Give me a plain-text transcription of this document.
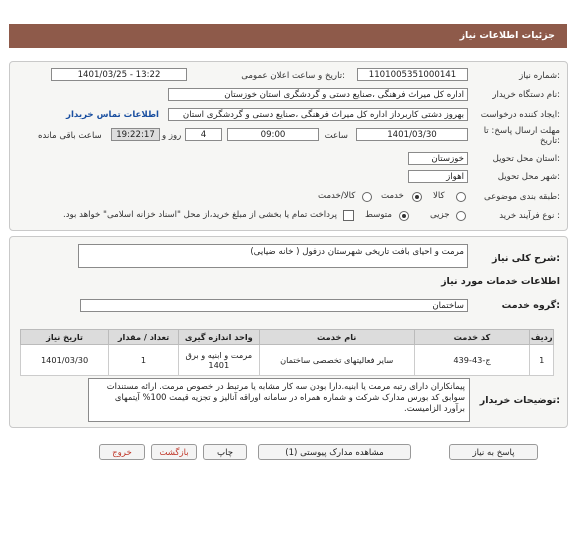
جزئیات اطلاعات نیاز
شماره نیاز:
1101005351000141
تاریخ و ساعت اعلان عمومی:
1401/03/25 - 13:22
نام دستگاه خریدار:
اداره کل میراث فرهنگی ،صنایع دستی و گردشگری استان خوزستان
ایجاد کننده درخواست:
بهروز دشتی کاربرداز اداره کل میراث فرهنگی ،صنایع دستی و گردشگری استان
اطلاعات تماس خریدار
مهلت ارسال پاسخ: تا تاریخ:
1401/03/30
ساعت
09:00
4
روز و
19:22:17
ساعت باقی مانده
استان محل تحویل:
خوزستان
شهر محل تحویل:
اهواز
طبقه بندی موضوعی:
کالا
خدمت
کالا/خدمت
نوع فرآیند خرید :
جزیی
متوسط
پرداخت تمام یا بخشی از مبلغ خرید،از محل "اسناد خزانه اسلامی" خواهد بود.
شرح کلی نیاز:
مرمت و احیای بافت تاریخی شهرستان دزفول ( خانه ضیایی)
اطلاعات خدمات مورد نیاز
گروه خدمت:
ساختمان
تاریخ نیاز	تعداد / مقدار	واحد اندازه گیری	نام خدمت	کد خدمت	ردیف
1401/03/30	1	مرمت و ابنیه و برق 1401	سایر فعالیتهای تخصصی ساختمان	ج-43-439	1
توضیحات خریدار:
پیمانکاران دارای رتبه مرمت یا ابنیه.دارا بودن سه کار مشابه یا مرتبط در خصوص مرمت. ارائه مستندات سوابق کد بورس مدارک شرکت و شماره همراه در سامانه اوراقه آنالیز و تجزیه قیمت 100% آیتمهای برآورد الزامیست.
پاسخ به نیاز
مشاهده مدارک پیوستی (1)
چاپ
بازگشت
خروج
